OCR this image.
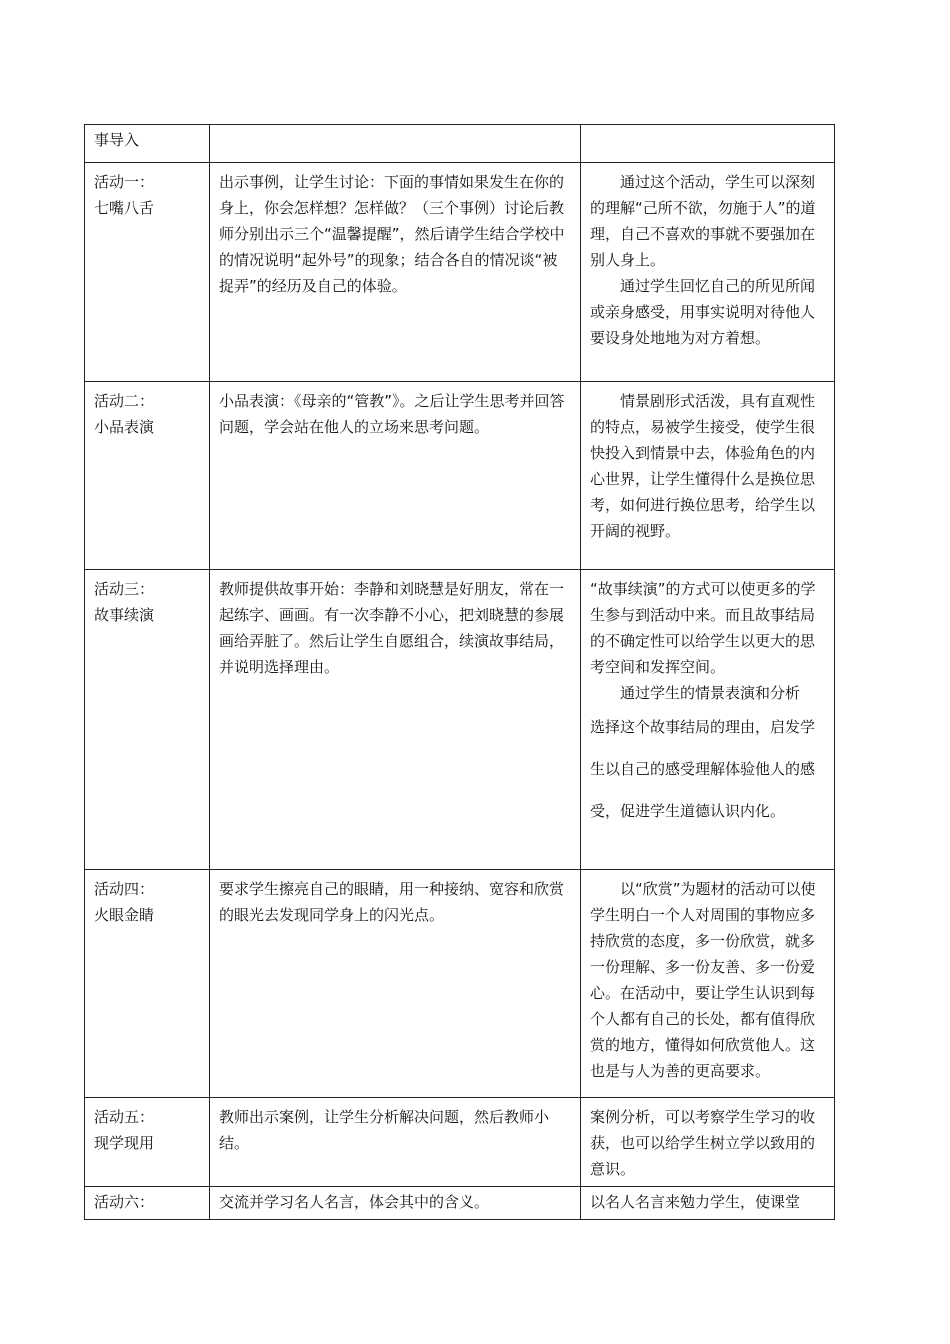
事导入		

活动一：
七嘴八舌	出示事例，让学生讨论：下面的事情如果发生在你的身上，你会怎样想？怎样做？（三个事例）讨论后教师分别出示三个“温馨提醒”，然后请学生结合学校中的情况说明“起外号”的现象；结合各自的情况谈“被捉弄”的经历及自己的体验。	通过这个活动，学生可以深刻的理解“己所不欲，勿施于人”的道理，自己不喜欢的事就不要强加在别人身上。
通过学生回忆自己的所见所闻或亲身感受，用事实说明对待他人要设身处地地为对方着想。

活动二：
小品表演	小品表演：《母亲的“管教”》。之后让学生思考并回答问题，学会站在他人的立场来思考问题。	情景剧形式活泼，具有直观性的特点，易被学生接受，使学生很快投入到情景中去，体验角色的内心世界，让学生懂得什么是换位思考，如何进行换位思考，给学生以开阔的视野。

活动三：
故事续演	教师提供故事开始：李静和刘晓慧是好朋友，常在一起练字、画画。有一次李静不小心，把刘晓慧的参展画给弄脏了。然后让学生自愿组合，续演故事结局，并说明选择理由。	“故事续演”的方式可以使更多的学生参与到活动中来。而且故事结局的不确定性可以给学生以更大的思考空间和发挥空间。
通过学生的情景表演和分析
选择这个故事结局的理由，启发学生以自己的感受理解体验他人的感受，促进学生道德认识内化。

活动四：
火眼金睛	要求学生擦亮自己的眼睛，用一种接纳、宽容和欣赏的眼光去发现同学身上的闪光点。	以“欣赏”为题材的活动可以使学生明白一个人对周围的事物应多持欣赏的态度，多一份欣赏，就多一份理解、多一份友善、多一份爱心。在活动中，要让学生认识到每个人都有自己的长处，都有值得欣赏的地方，懂得如何欣赏他人。这也是与人为善的更高要求。

活动五：
现学现用	教师出示案例，让学生分析解决问题，然后教师小结。	案例分析，可以考察学生学习的收获，也可以给学生树立学以致用的意识。

活动六：	交流并学习名人名言，体会其中的含义。	以名人名言来勉力学生，使课堂
